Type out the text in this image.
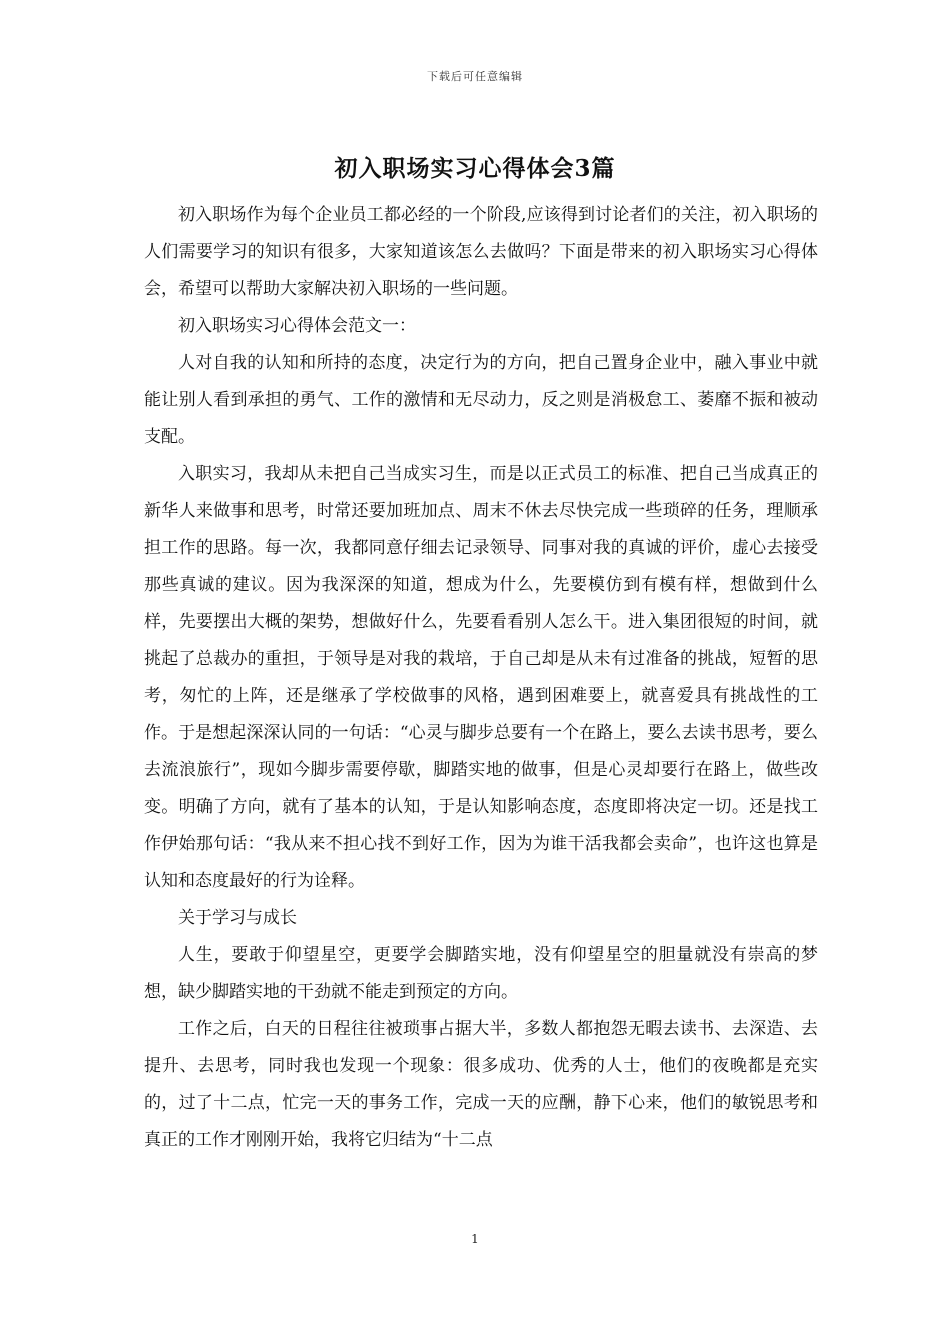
下载后可任意编辑
初入职场实习心得体会3篇

初入职场作为每个企业员工都必经的一个阶段,应该得到讨论者们的关注，初入职场的人们需要学习的知识有很多，大家知道该怎么去做吗？下面是带来的初入职场实习心得体会，希望可以帮助大家解决初入职场的一些问题。

初入职场实习心得体会范文一：

人对自我的认知和所持的态度，决定行为的方向，把自己置身企业中，融入事业中就能让别人看到承担的勇气、工作的激情和无尽动力，反之则是消极怠工、萎靡不振和被动支配。

入职实习，我却从未把自己当成实习生，而是以正式员工的标准、把自己当成真正的新华人来做事和思考，时常还要加班加点、周末不休去尽快完成一些琐碎的任务，理顺承担工作的思路。每一次，我都同意仔细去记录领导、同事对我的真诚的评价，虚心去接受那些真诚的建议。因为我深深的知道，想成为什么，先要模仿到有模有样，想做到什么样，先要摆出大概的架势，想做好什么，先要看看别人怎么干。进入集团很短的时间，就挑起了总裁办的重担，于领导是对我的栽培，于自己却是从未有过准备的挑战，短暂的思考，匆忙的上阵，还是继承了学校做事的风格，遇到困难要上，就喜爱具有挑战性的工作。于是想起深深认同的一句话：“心灵与脚步总要有一个在路上，要么去读书思考，要么去流浪旅行”，现如今脚步需要停歇，脚踏实地的做事，但是心灵却要行在路上，做些改变。明确了方向，就有了基本的认知，于是认知影响态度，态度即将决定一切。还是找工作伊始那句话：“我从来不担心找不到好工作，因为为谁干活我都会卖命”，也许这也算是认知和态度最好的行为诠释。

关于学习与成长

人生，要敢于仰望星空，更要学会脚踏实地，没有仰望星空的胆量就没有崇高的梦想，缺少脚踏实地的干劲就不能走到预定的方向。

工作之后，白天的日程往往被琐事占据大半，多数人都抱怨无暇去读书、去深造、去提升、去思考，同时我也发现一个现象：很多成功、优秀的人士，他们的夜晚都是充实的，过了十二点，忙完一天的事务工作，完成一天的应酬，静下心来，他们的敏锐思考和真正的工作才刚刚开始，我将它归结为“十二点

1
